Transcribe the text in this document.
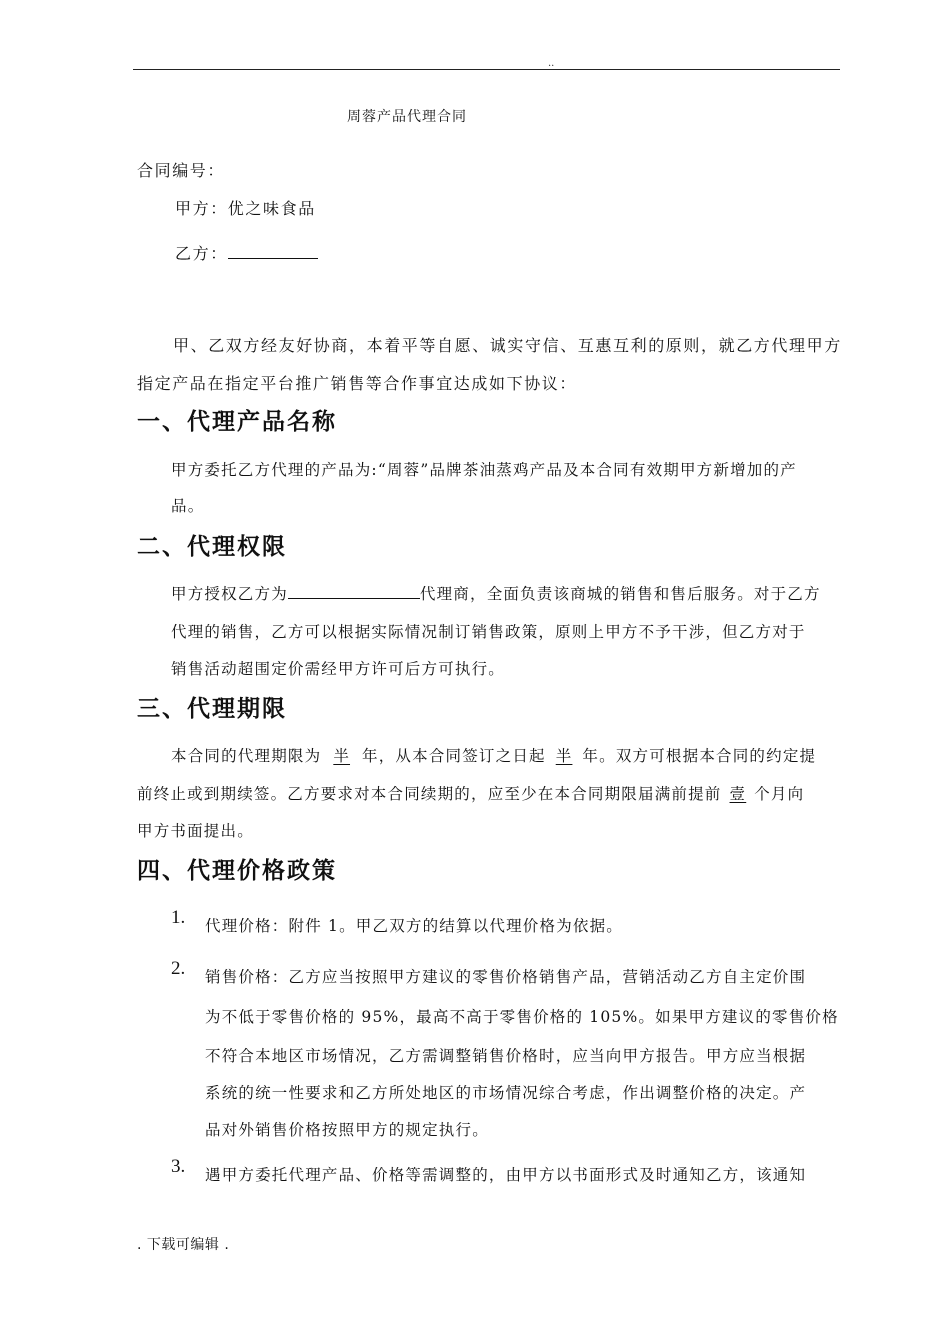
..
周蓉产品代理合同
合同编号：
甲方：优之味食品
乙方：
甲、乙双方经友好协商，本着平等自愿、诚实守信、互惠互利的原则，就乙方代理甲方
指定产品在指定平台推广销售等合作事宜达成如下协议：
一、代理产品名称
甲方委托乙方代理的产品为:“周蓉”品牌茶油蒸鸡产品及本合同有效期甲方新增加的产
品。
二、代理权限
甲方授权乙方为	代理商，全面负责该商城的销售和售后服务。对于乙方
代理的销售，乙方可以根据实际情况制订销售政策，原则上甲方不予干涉，但乙方对于
销售活动超围定价需经甲方许可后方可执行。
三、代理期限
本合同的代理期限为 半 年，从本合同签订之日起 半 年。双方可根据本合同的约定提
前终止或到期续签。乙方要求对本合同续期的，应至少在本合同期限届满前提前 壹 个月向
甲方书面提出。
四、代理价格政策
1. 代理价格：附件 1。甲乙双方的结算以代理价格为依据。
2. 销售价格：乙方应当按照甲方建议的零售价格销售产品，营销活动乙方自主定价围
为不低于零售价格的 95%，最高不高于零售价格的 105%。如果甲方建议的零售价格
不符合本地区市场情况，乙方需调整销售价格时，应当向甲方报告。甲方应当根据
系统的统一性要求和乙方所处地区的市场情况综合考虑，作出调整价格的决定。产
品对外销售价格按照甲方的规定执行。
3. 遇甲方委托代理产品、价格等需调整的，由甲方以书面形式及时通知乙方，该通知
. 下载可编辑 .
